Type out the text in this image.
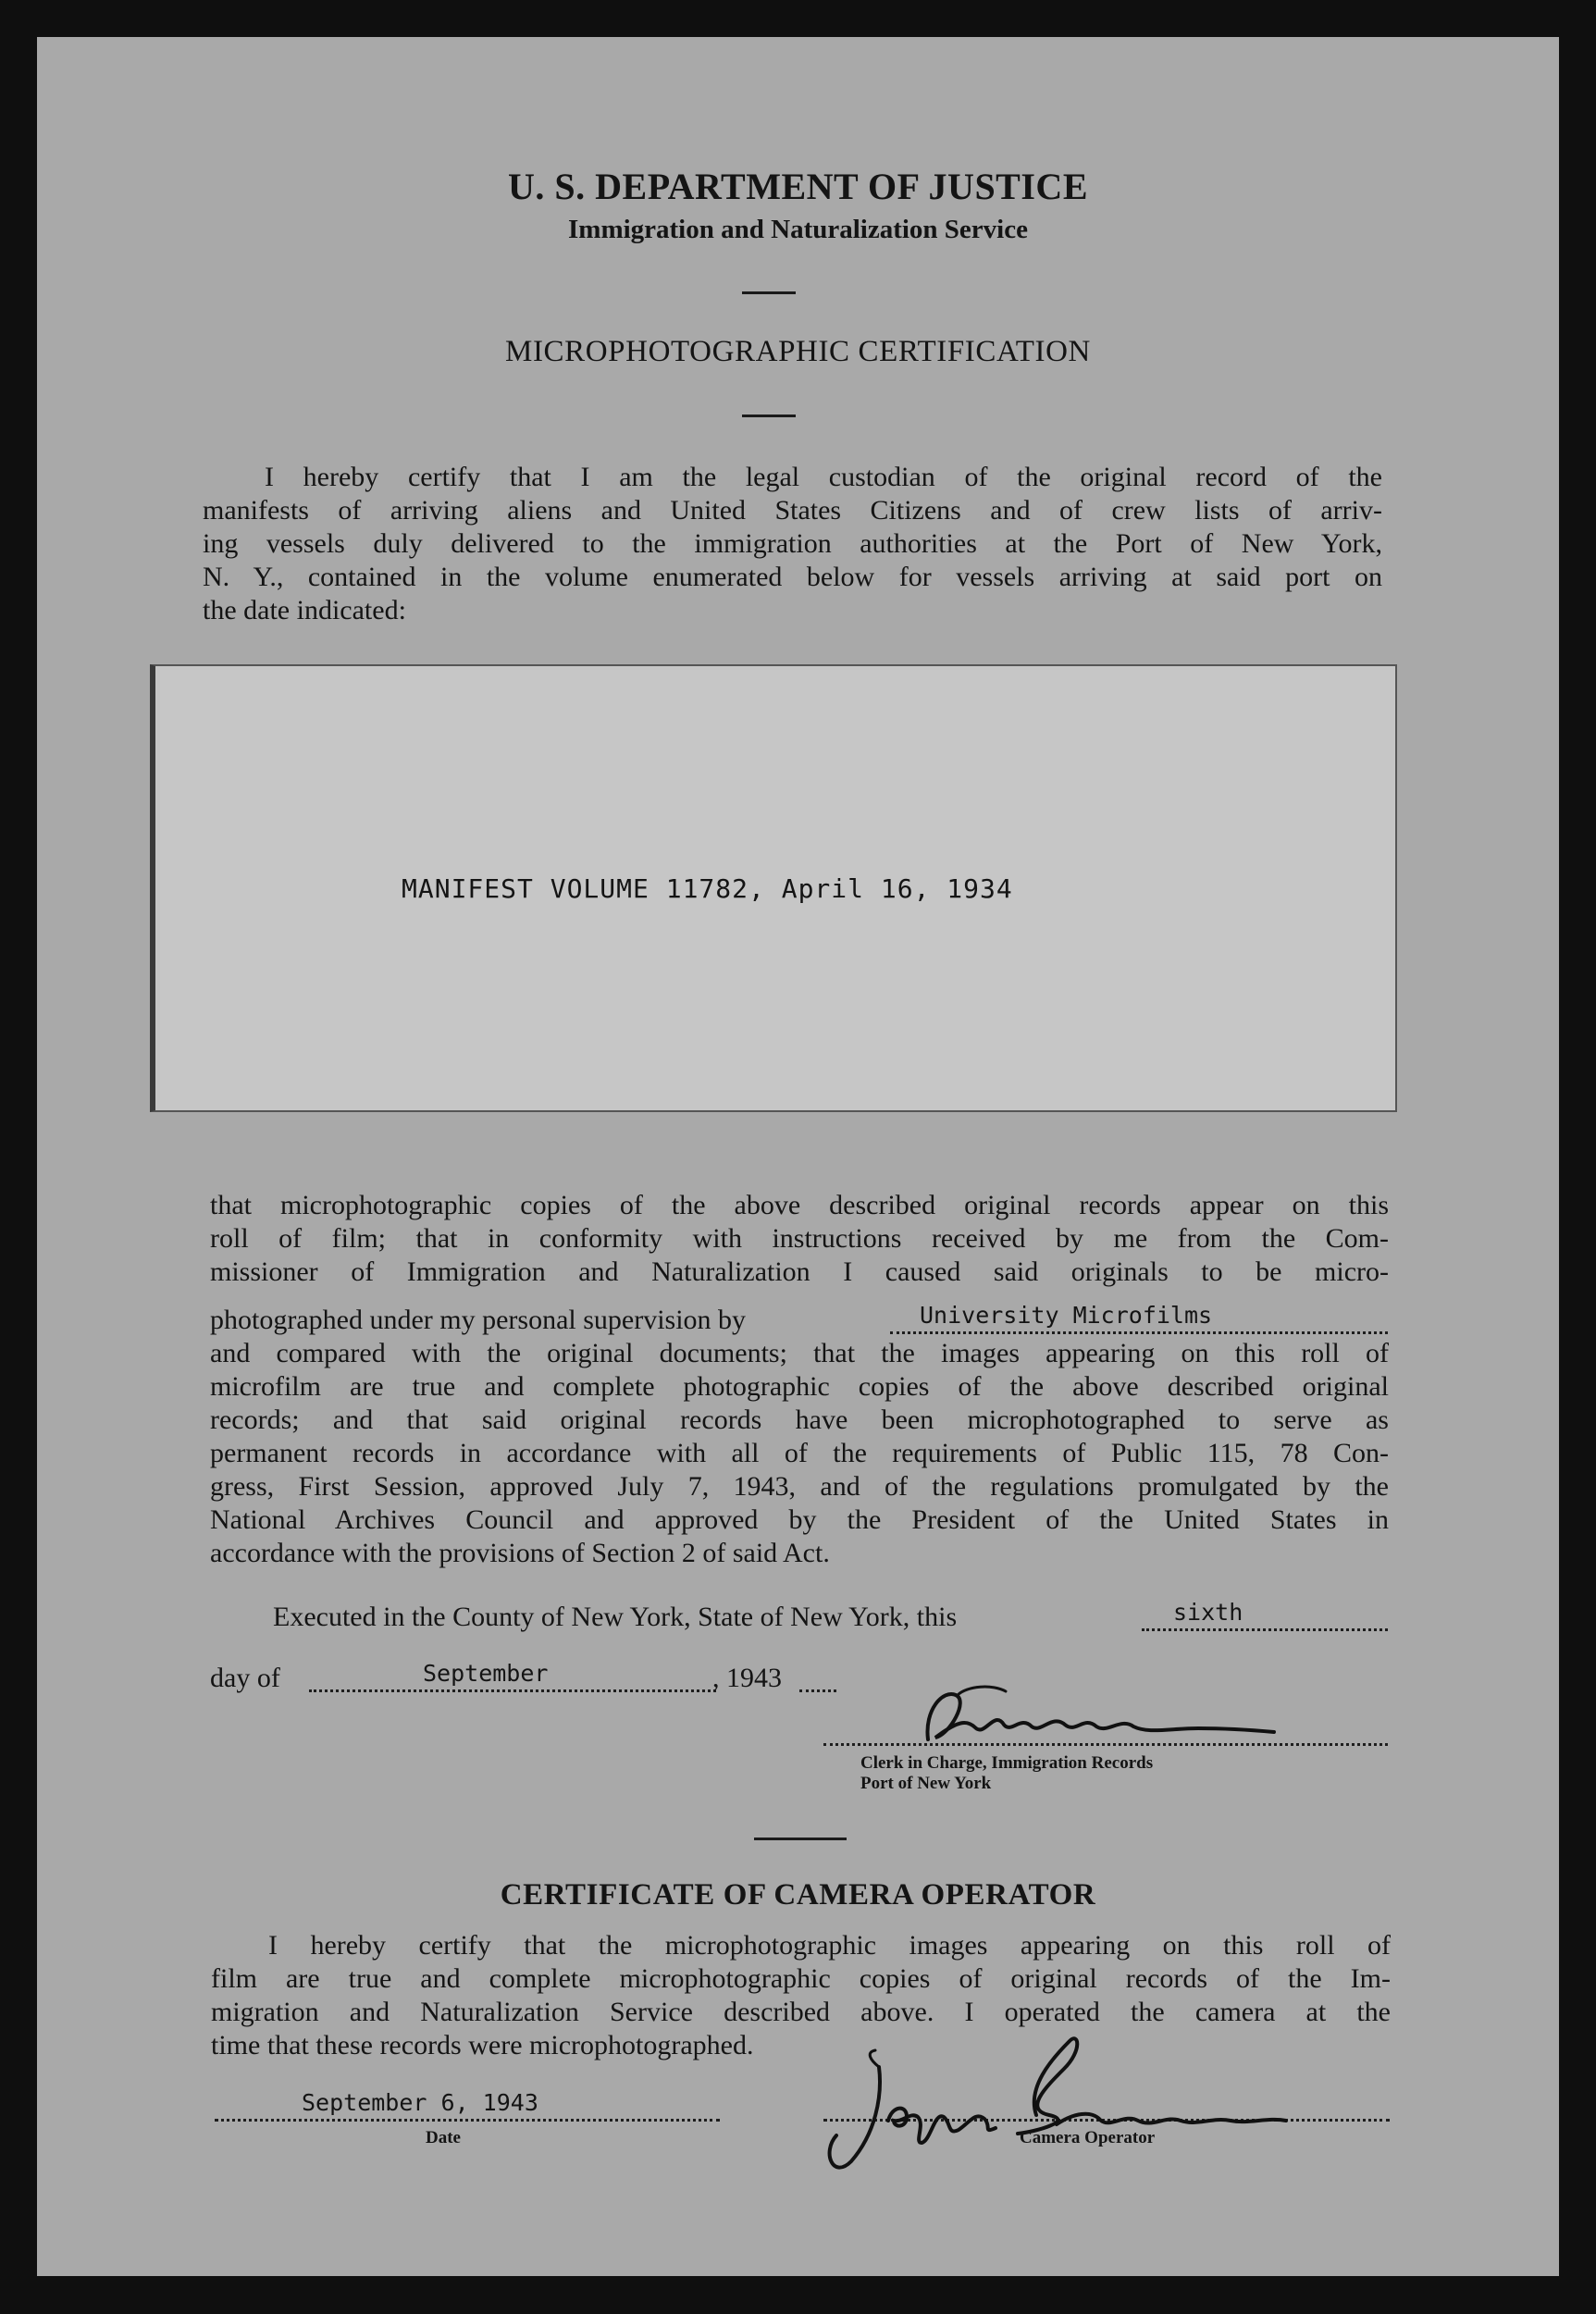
U. S. DEPARTMENT OF JUSTICE
Immigration and Naturalization Service
MICROPHOTOGRAPHIC CERTIFICATION
I hereby certify that I am the legal custodian of the original record of the
manifests of arriving aliens and United States Citizens and of crew lists of arriv-
ing vessels duly delivered to the immigration authorities at the Port of New York,
N. Y., contained in the volume enumerated below for vessels arriving at said port on
the date indicated:
MANIFEST VOLUME 11782, April 16, 1934
that microphotographic copies of the above described original records appear on this
roll of film; that in conformity with instructions received by me from the Com-
missioner of Immigration and Naturalization I caused said originals to be micro-
photographed under my personal supervision by	University Microfilms
and compared with the original documents; that the images appearing on this roll of
microfilm are true and complete photographic copies of the above described original
records; and that said original records have been microphotographed to serve as
permanent records in accordance with all of the requirements of Public 115, 78 Con-
gress, First Session, approved July 7, 1943, and of the regulations promulgated by the
National Archives Council and approved by the President of the United States in
accordance with the provisions of Section 2 of said Act.
Executed in the County of New York, State of New York, this	sixth
day of	September	, 1943
Clerk in Charge, Immigration Records
Port of New York
CERTIFICATE OF CAMERA OPERATOR
I hereby certify that the microphotographic images appearing on this roll of
film are true and complete microphotographic copies of original records of the Im-
migration and Naturalization Service described above. I operated the camera at the
time that these records were microphotographed.
September 6, 1943
Date	Camera Operator
